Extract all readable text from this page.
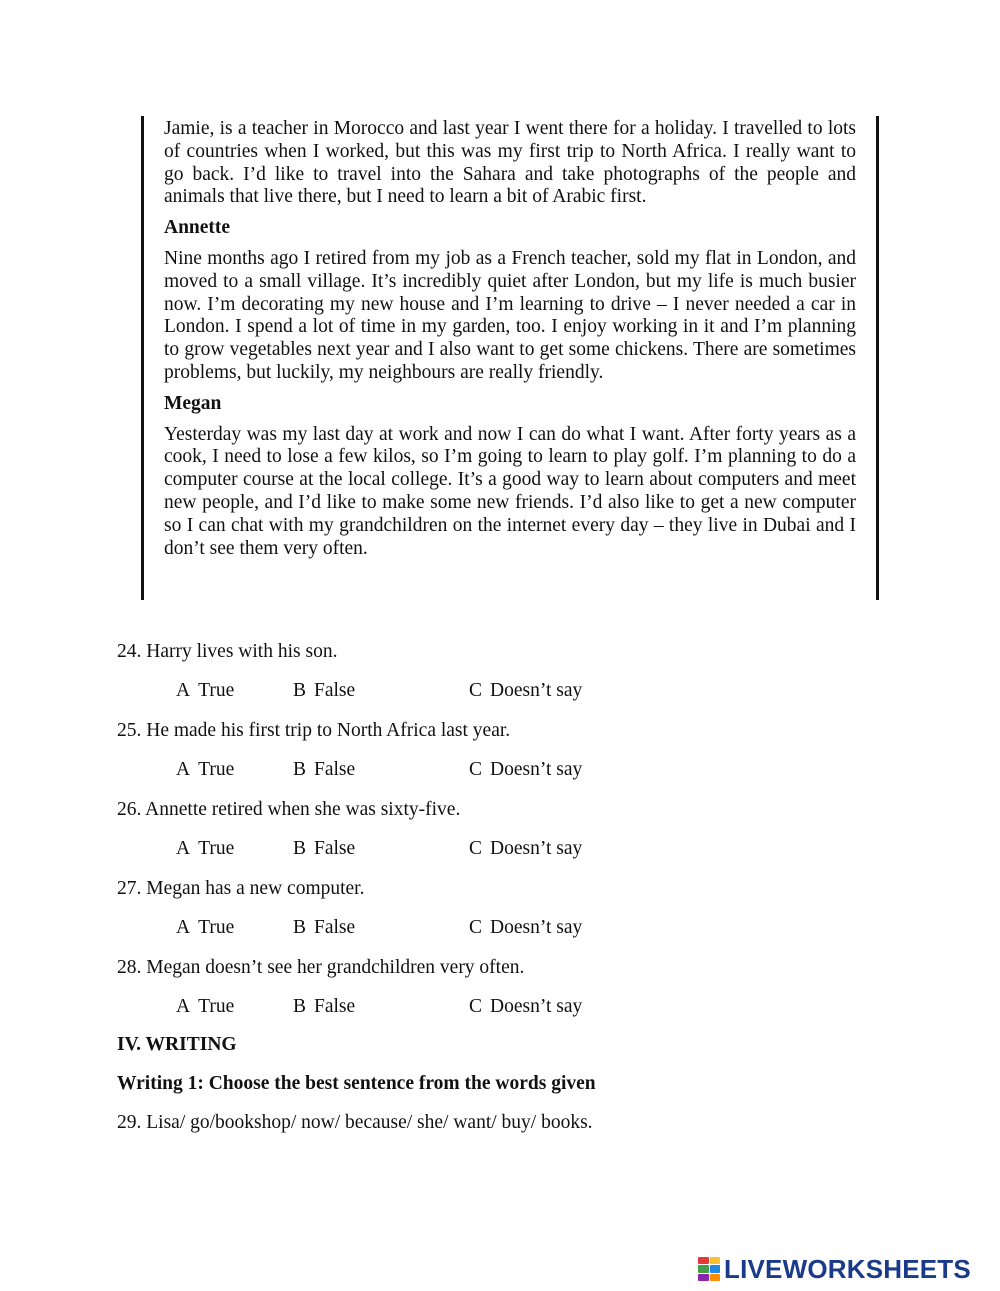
Jamie, is a teacher in Morocco and last year I went there for a holiday. I travelled to lots of countries when I worked, but this was my first trip to North Africa. I really want to go back. I’d like to travel into the Sahara and take photographs of the people and animals that live there, but I need to learn a bit of Arabic first.

Annette

Nine months ago I retired from my job as a French teacher, sold my flat in London, and moved to a small village. It’s incredibly quiet after London, but my life is much busier now. I’m decorating my new house and I’m learning to drive – I never needed a car in London. I spend a lot of time in my garden, too. I enjoy working in it and I’m planning to grow vegetables next year and I also want to get some chickens. There are sometimes problems, but luckily, my neighbours are really friendly.

Megan

Yesterday was my last day at work and now I can do what I want. After forty years as a cook, I need to lose a few kilos, so I’m going to learn to play golf. I’m planning to do a computer course at the local college. It’s a good way to learn about computers and meet new people, and I’d like to make some new friends. I’d also like to get a new computer so I can chat with my grandchildren on the internet every day – they live in Dubai and I don’t see them very often.

24. Harry lives with his son.

A True	B False	C Doesn’t say

25. He made his first trip to North Africa last year.

A True	B False	C Doesn’t say

26. Annette retired when she was sixty-five.

A True	B False	C Doesn’t say

27. Megan has a new computer.

A True	B False	C Doesn’t say

28. Megan doesn’t see her grandchildren very often.

A True	B False	C Doesn’t say
IV. WRITING
Writing 1: Choose the best sentence from the words given
29. Lisa/ go/bookshop/ now/ because/ she/ want/ buy/ books.
LIVEWORKSHEETS
